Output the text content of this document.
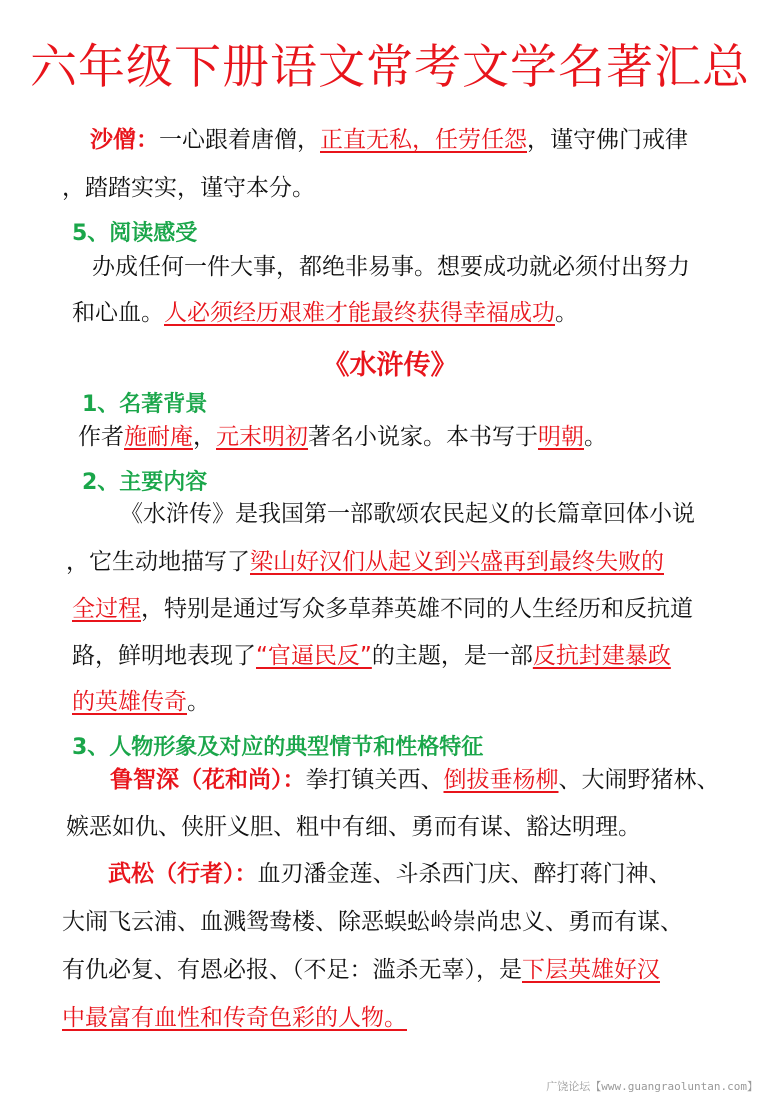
六年级下册语文常考文学名著汇总
沙僧：一心跟着唐僧，正直无私，任劳任怨，谨守佛门戒律
，踏踏实实，谨守本分。
5、阅读感受
办成任何一件大事，都绝非易事。想要成功就必须付出努力
和心血。人必须经历艰难才能最终获得幸福成功。
《水浒传》
1、名著背景
作者施耐庵，元末明初著名小说家。本书写于明朝。
2、主要内容
《水浒传》是我国第一部歌颂农民起义的长篇章回体小说
，它生动地描写了梁山好汉们从起义到兴盛再到最终失败的
全过程，特别是通过写众多草莽英雄不同的人生经历和反抗道
路，鲜明地表现了“官逼民反”的主题，是一部反抗封建暴政
的英雄传奇。
3、人物形象及对应的典型情节和性格特征
鲁智深（花和尚）：拳打镇关西、倒拔垂杨柳、大闹野猪林、
嫉恶如仇、侠肝义胆、粗中有细、勇而有谋、豁达明理。
武松（行者）：血刃潘金莲、斗杀西门庆、醉打蒋门神、
大闹飞云浦、血溅鸳鸯楼、除恶蜈蚣岭崇尚忠义、勇而有谋、
有仇必复、有恩必报、（不足：滥杀无辜），是下层英雄好汉
中最富有血性和传奇色彩的人物。
广饶论坛【www.guangraoluntan.com】
